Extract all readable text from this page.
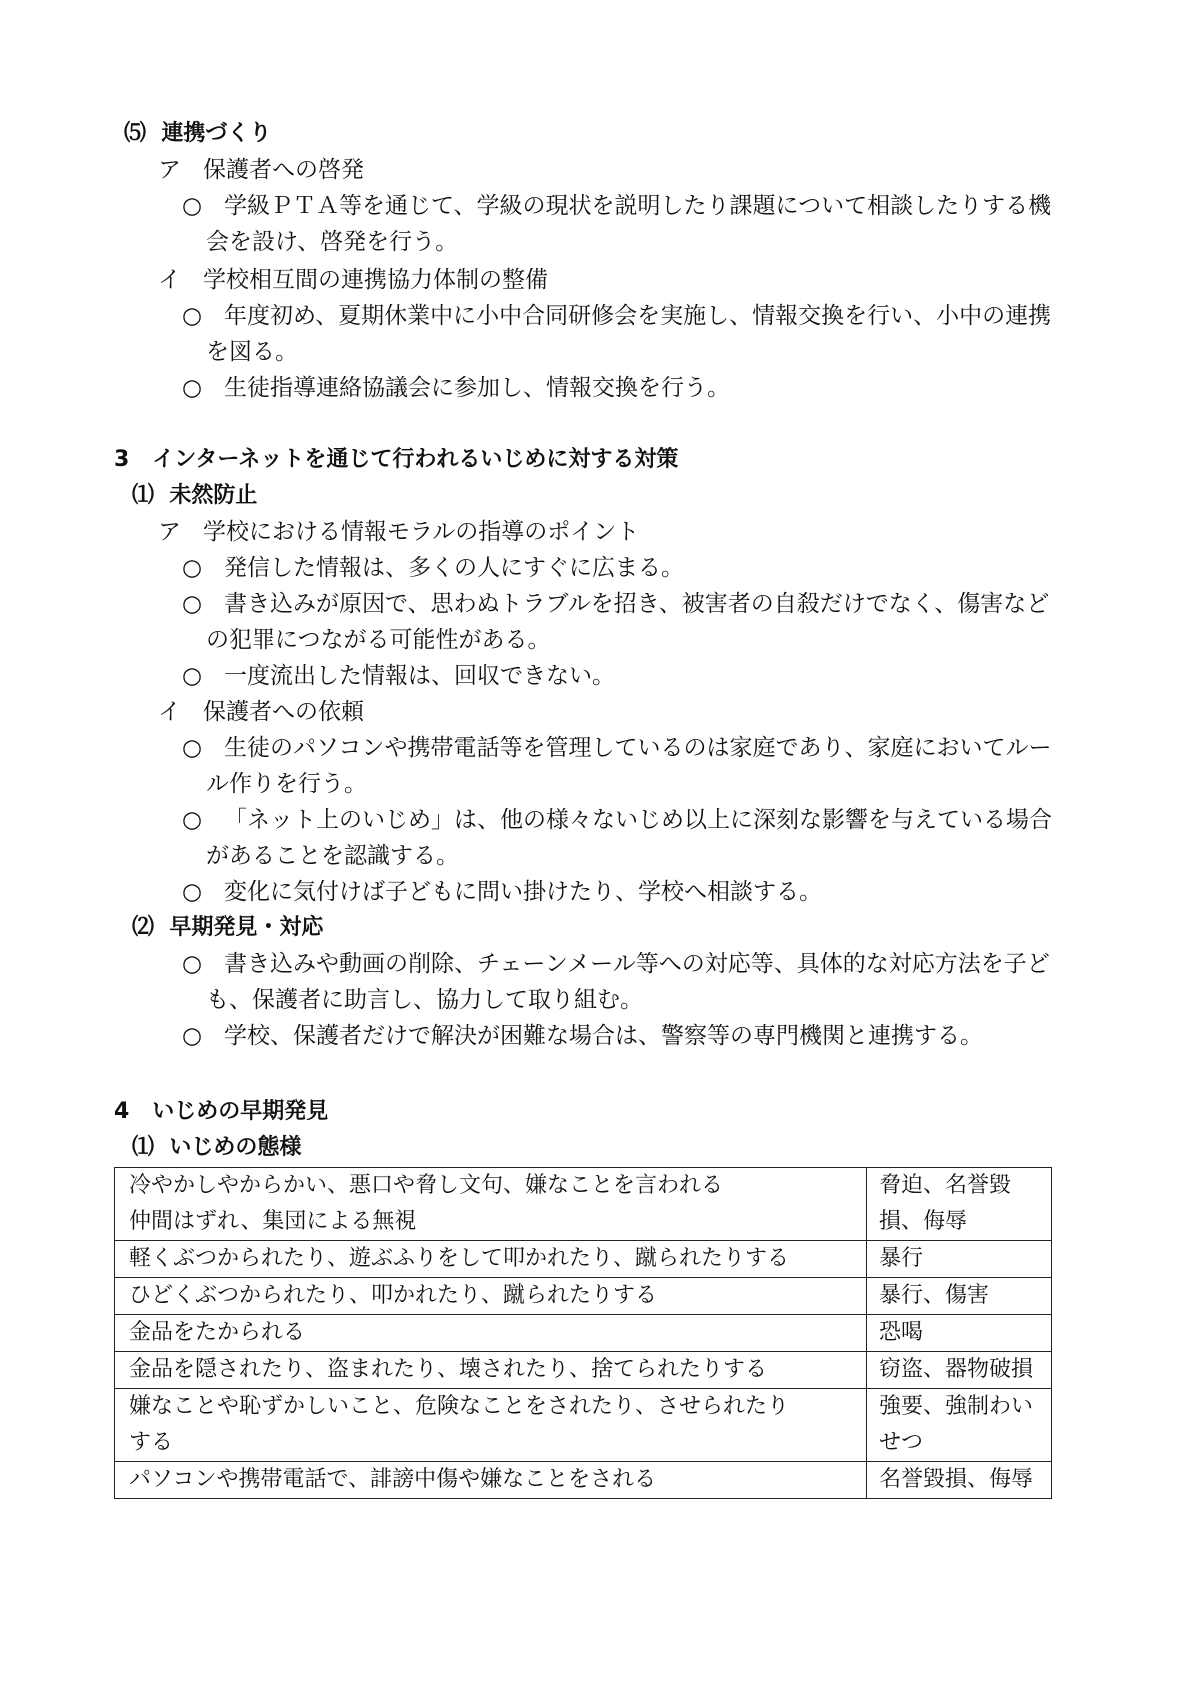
⑸ 連携づくり
ア 保護者への啓発
○ 学級ＰＴＡ等を通じて、学級の現状を説明したり課題について相談したりする機
会を設け、啓発を行う。
イ 学校相互間の連携協力体制の整備
○ 年度初め、夏期休業中に小中合同研修会を実施し、情報交換を行い、小中の連携
を図る。
○ 生徒指導連絡協議会に参加し、情報交換を行う。
3 インターネットを通じて行われるいじめに対する対策
⑴ 未然防止
ア 学校における情報モラルの指導のポイント
○ 発信した情報は、多くの人にすぐに広まる。
○ 書き込みが原因で、思わぬトラブルを招き、被害者の自殺だけでなく、傷害など
の犯罪につながる可能性がある。
○ 一度流出した情報は、回収できない。
イ 保護者への依頼
○ 生徒のパソコンや携帯電話等を管理しているのは家庭であり、家庭においてルー
ル作りを行う。
○ 「ネット上のいじめ」は、他の様々ないじめ以上に深刻な影響を与えている場合
があることを認識する。
○ 変化に気付けば子どもに問い掛けたり、学校へ相談する。
⑵ 早期発見・対応
○ 書き込みや動画の削除、チェーンメール等への対応等、具体的な対応方法を子ど
も、保護者に助言し、協力して取り組む。
○ 学校、保護者だけで解決が困難な場合は、警察等の専門機関と連携する。
4 いじめの早期発見
⑴ いじめの態様
冷やかしやからかい、悪口や脅し文句、嫌なことを言われる
仲間はずれ、集団による無視	脅迫、名誉毀損、侮辱

軽くぶつかられたり、遊ぶふりをして叩かれたり、蹴られたりする	暴行

ひどくぶつかられたり、叩かれたり、蹴られたりする	暴行、傷害

金品をたかられる	恐喝

金品を隠されたり、盗まれたり、壊されたり、捨てられたりする	窃盗、器物破損

嫌なことや恥ずかしいこと、危険なことをされたり、させられたり
する	強要、強制わいせつ

パソコンや携帯電話で、誹謗中傷や嫌なことをされる	名誉毀損、侮辱
